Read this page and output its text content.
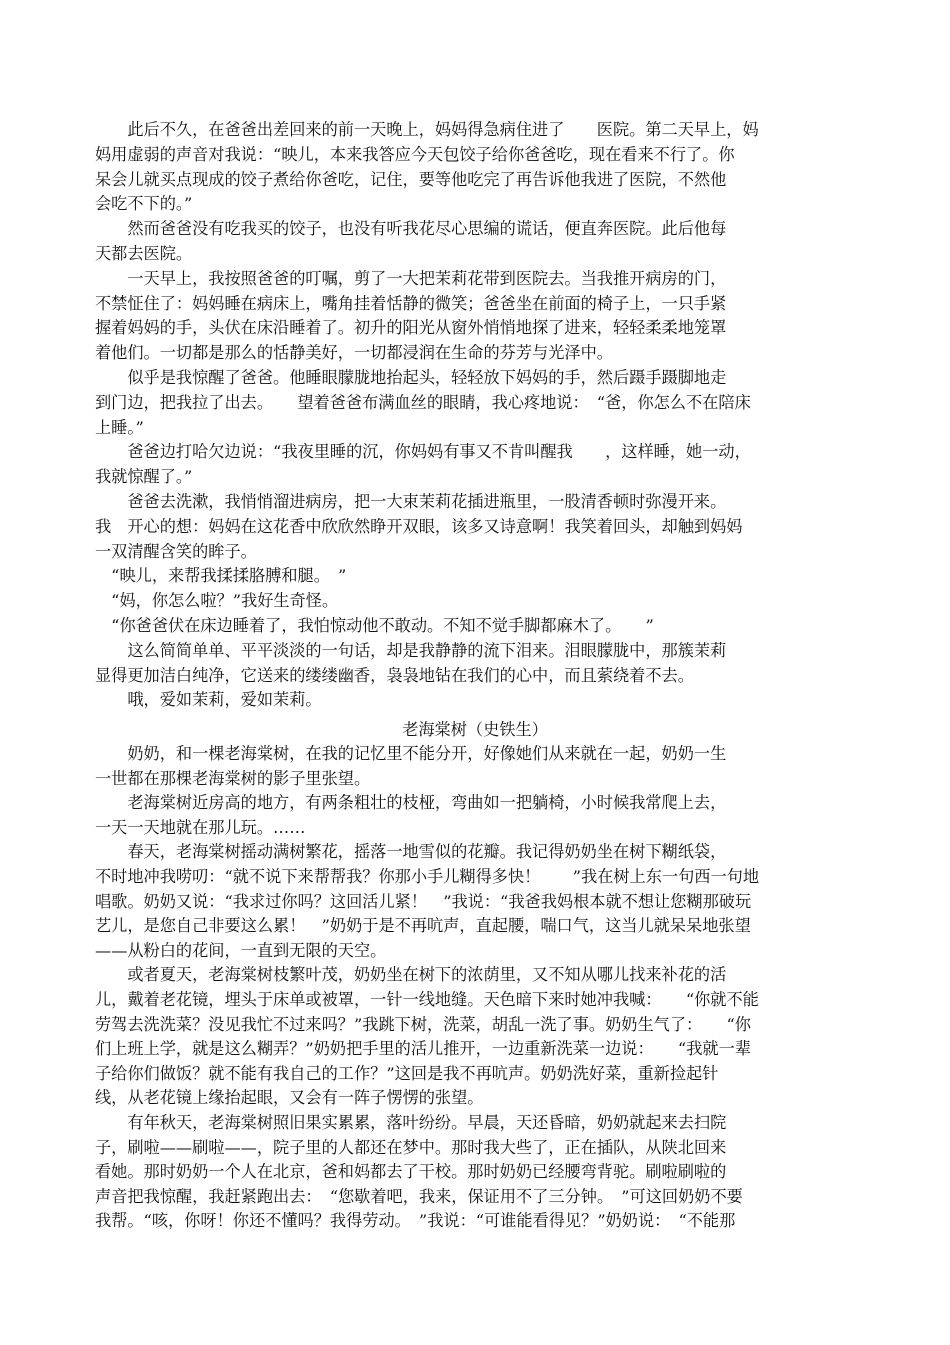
　　此后不久，在爸爸出差回来的前一天晚上，妈妈得急病住进了　　医院。第二天早上，妈
妈用虚弱的声音对我说：“映儿，本来我答应今天包饺子给你爸爸吃，现在看来不行了。你
呆会儿就买点现成的饺子煮给你爸吃，记住，要等他吃完了再告诉他我进了医院，不然他
会吃不下的。”
　　然而爸爸没有吃我买的饺子，也没有听我花尽心思编的谎话，便直奔医院。此后他每
天都去医院。
　　一天早上，我按照爸爸的叮嘱，剪了一大把茉莉花带到医院去。当我推开病房的门，
不禁怔住了：妈妈睡在病床上，嘴角挂着恬静的微笑；爸爸坐在前面的椅子上，一只手紧
握着妈妈的手，头伏在床沿睡着了。初升的阳光从窗外悄悄地探了进来，轻轻柔柔地笼罩
着他们。一切都是那么的恬静美好，一切都浸润在生命的芬芳与光泽中。
　　似乎是我惊醒了爸爸。他睡眼朦胧地抬起头，轻轻放下妈妈的手，然后蹑手蹑脚地走
到门边，把我拉了出去。　　望着爸爸布满血丝的眼睛，我心疼地说：　“爸，你怎么不在陪床
上睡。”
　　爸爸边打哈欠边说：“我夜里睡的沉，你妈妈有事又不肯叫醒我　　，这样睡，她一动，
我就惊醒了。”
　　爸爸去洗漱，我悄悄溜进病房，把一大束茉莉花插进瓶里，一股清香顿时弥漫开来。
我　开心的想：妈妈在这花香中欣欣然睁开双眼，该多又诗意啊！我笑着回头，却触到妈妈
一双清醒含笑的眸子。
　“映儿，来帮我揉揉胳膊和腿。　”
　“妈，你怎么啦？”我好生奇怪。
　“你爸爸伏在床边睡着了，我怕惊动他不敢动。不知不觉手脚都麻木了。　　”
　　这么简简单单、平平淡淡的一句话，却是我静静的流下泪来。泪眼朦胧中，那簇茉莉
显得更加洁白纯净，它送来的缕缕幽香，袅袅地钻在我们的心中，而且萦绕着不去。
　　哦，爱如茉莉，爱如茉莉。
老海棠树（史铁生）
　　奶奶，和一棵老海棠树，在我的记忆里不能分开，好像她们从来就在一起，奶奶一生
一世都在那棵老海棠树的影子里张望。
　　老海棠树近房高的地方，有两条粗壮的枝桠，弯曲如一把躺椅，小时候我常爬上去，
一天一天地就在那儿玩。……
　　春天，老海棠树摇动满树繁花，摇落一地雪似的花瓣。我记得奶奶坐在树下糊纸袋，
不时地冲我唠叨：“就不说下来帮帮我？你那小手儿糊得多快！　　”我在树上东一句西一句地
唱歌。奶奶又说：“我求过你吗？这回活儿紧！　”我说：“我爸我妈根本就不想让您糊那破玩
艺儿，是您自己非要这么累！　”奶奶于是不再吭声，直起腰，喘口气，这当儿就呆呆地张望
——从粉白的花间，一直到无限的天空。
　　或者夏天，老海棠树枝繁叶茂，奶奶坐在树下的浓荫里，又不知从哪儿找来补花的活
儿，戴着老花镜，埋头于床单或被罩，一针一线地缝。天色暗下来时她冲我喊：　　“你就不能
劳驾去洗洗菜？没见我忙不过来吗？”我跳下树，洗菜，胡乱一洗了事。奶奶生气了：　　“你
们上班上学，就是这么糊弄？”奶奶把手里的活儿推开，一边重新洗菜一边说：　　“我就一辈
子给你们做饭？就不能有我自己的工作？”这回是我不再吭声。奶奶洗好菜，重新捡起针
线，从老花镜上缘抬起眼，又会有一阵子愣愣的张望。
　　有年秋天，老海棠树照旧果实累累，落叶纷纷。早晨，天还昏暗，奶奶就起来去扫院
子，刷啦——刷啦——，院子里的人都还在梦中。那时我大些了，正在插队，从陕北回来
看她。那时奶奶一个人在北京，爸和妈都去了干校。那时奶奶已经腰弯背驼。刷啦刷啦的
声音把我惊醒，我赶紧跑出去：　“您歇着吧，我来，保证用不了三分钟。　”可这回奶奶不要
我帮。“咳，你呀！你还不懂吗？我得劳动。　”我说：“可谁能看得见？”奶奶说：　“不能那
